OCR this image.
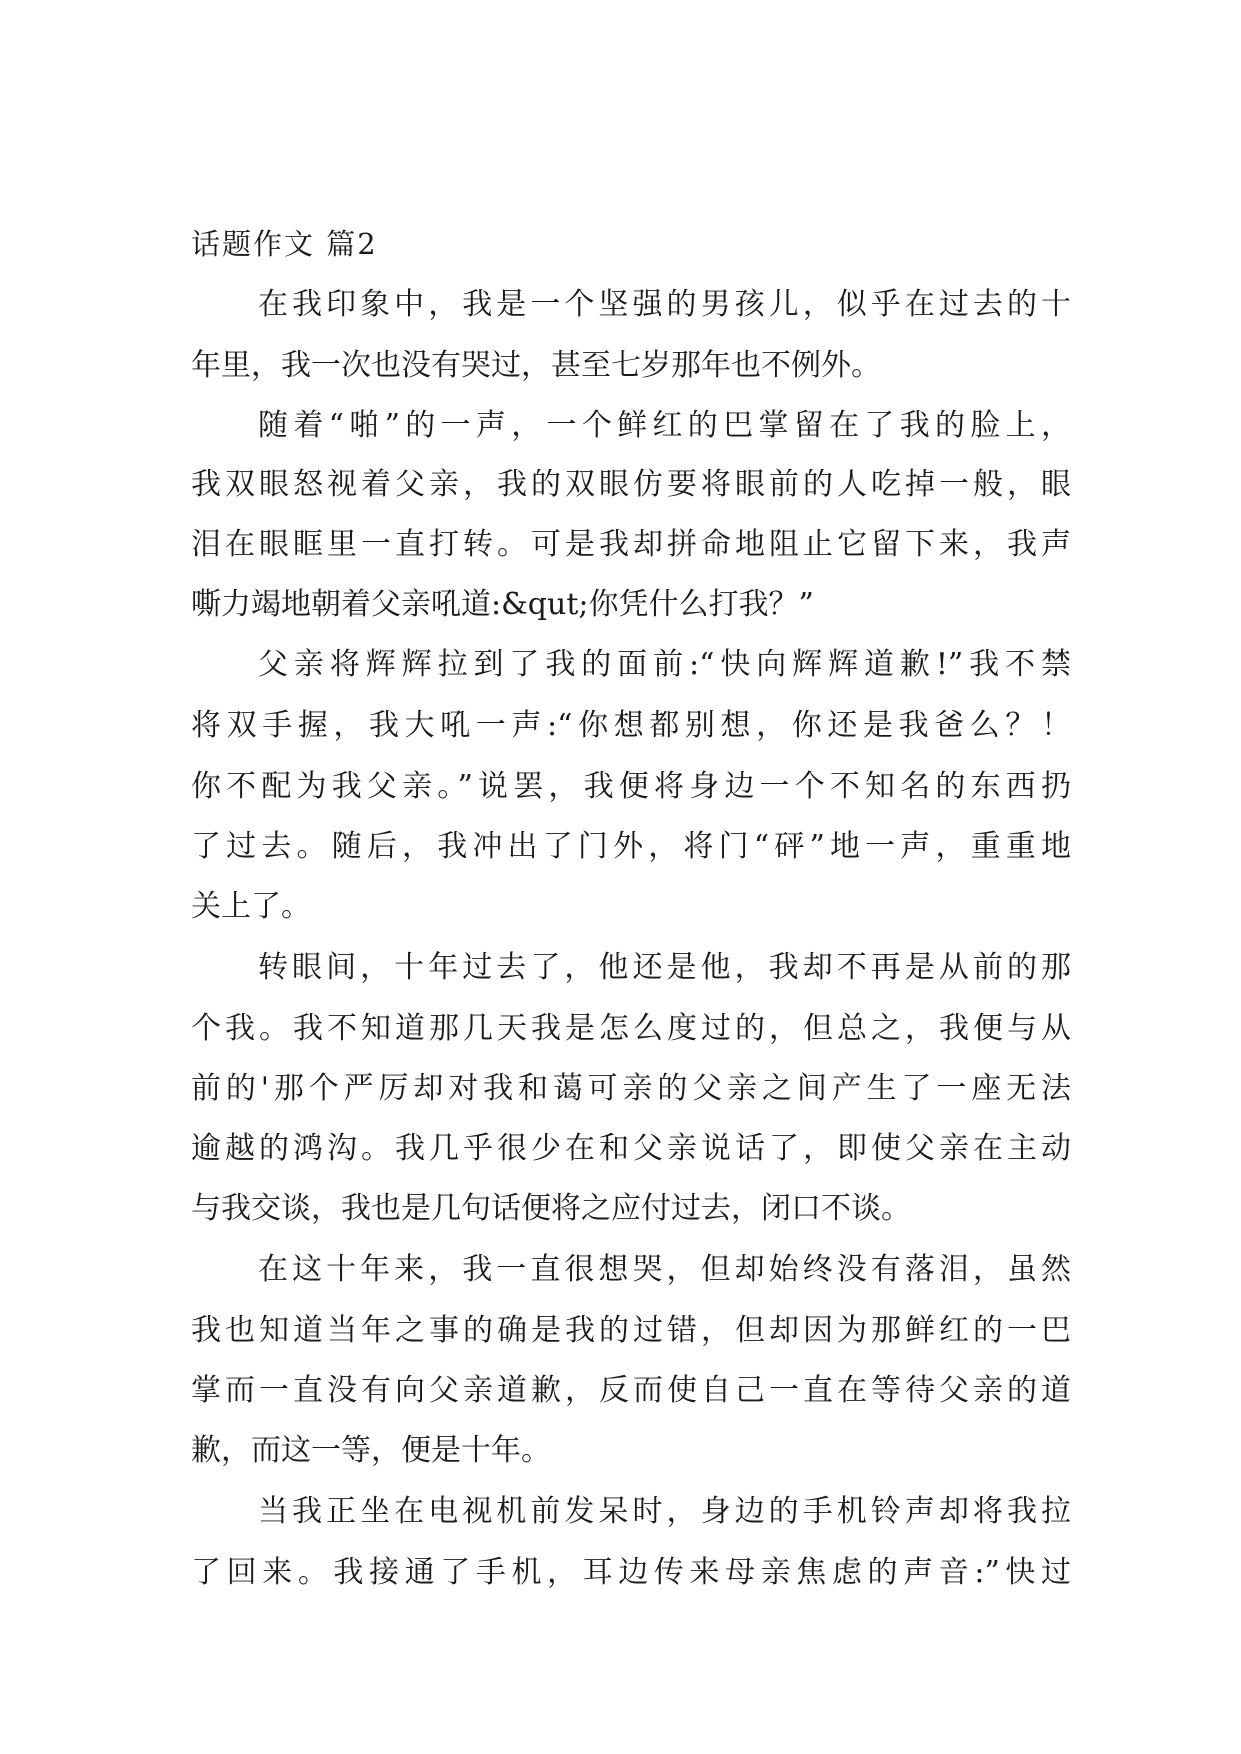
话题作文 篇2

在我印象中，我是一个坚强的男孩儿，似乎在过去的十

年里，我一次也没有哭过，甚至七岁那年也不例外。

随着“啪”的一声，一个鲜红的巴掌留在了我的脸上，

我双眼怒视着父亲，我的双眼仿要将眼前的人吃掉一般，眼

泪在眼眶里一直打转。可是我却拼命地阻止它留下来，我声

嘶力竭地朝着父亲吼道:&qut;你凭什么打我？”

父亲将辉辉拉到了我的面前:“快向辉辉道歉!”我不禁

将双手握，我大吼一声:“你想都别想，你还是我爸么？！

你不配为我父亲。”说罢，我便将身边一个不知名的东西扔

了过去。随后，我冲出了门外，将门“砰”地一声，重重地

关上了。

转眼间，十年过去了，他还是他，我却不再是从前的那

个我。我不知道那几天我是怎么度过的，但总之，我便与从

前的'那个严厉却对我和蔼可亲的父亲之间产生了一座无法

逾越的鸿沟。我几乎很少在和父亲说话了，即使父亲在主动

与我交谈，我也是几句话便将之应付过去，闭口不谈。

在这十年来，我一直很想哭，但却始终没有落泪，虽然

我也知道当年之事的确是我的过错，但却因为那鲜红的一巴

掌而一直没有向父亲道歉，反而使自己一直在等待父亲的道

歉，而这一等，便是十年。

当我正坐在电视机前发呆时，身边的手机铃声却将我拉

了回来。我接通了手机，耳边传来母亲焦虑的声音:”快过
